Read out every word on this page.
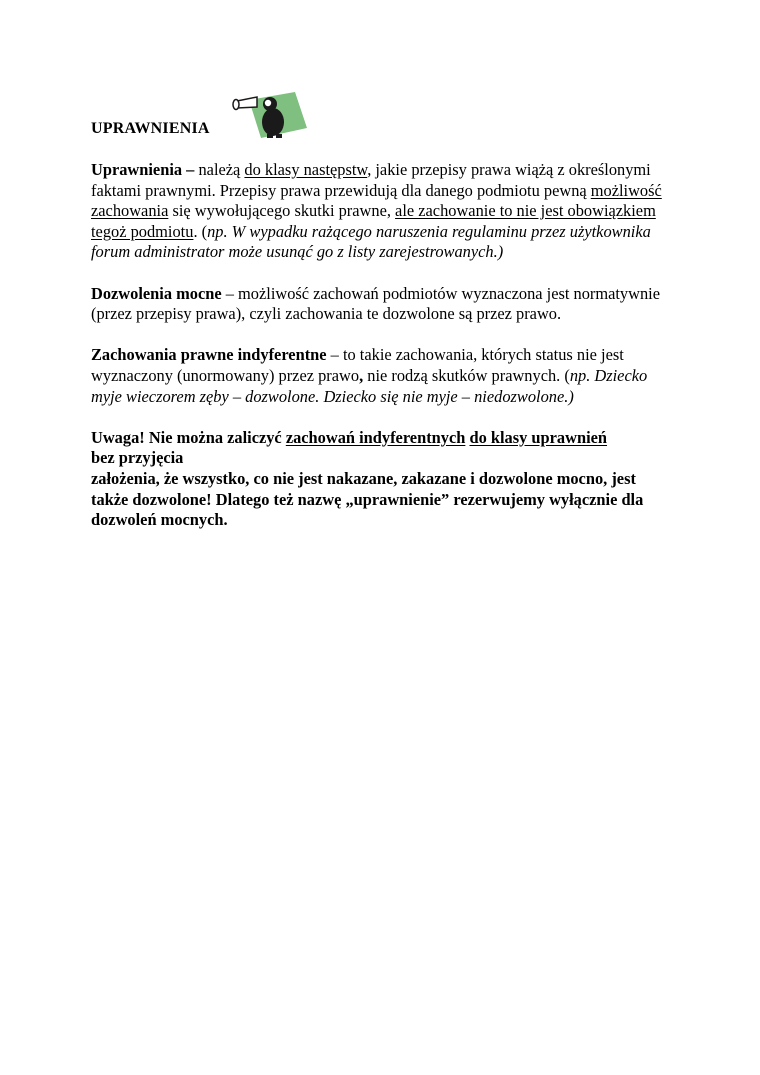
UPRAWNIENIA

Uprawnienia – należą do klasy następstw, jakie przepisy prawa wiążą z określonymi faktami prawnymi. Przepisy prawa przewidują dla danego podmiotu pewną możliwość zachowania się wywołującego skutki prawne, ale zachowanie to nie jest obowiązkiem tegoż podmiotu. (np. W wypadku rażącego naruszenia regulaminu przez użytkownika forum administrator może usunąć go z listy zarejestrowanych.)

Dozwolenia mocne – możliwość zachowań podmiotów wyznaczona jest normatywnie (przez przepisy prawa), czyli zachowania te dozwolone są przez prawo.

Zachowania prawne indyferentne – to takie zachowania, których status nie jest wyznaczony (unormowany) przez prawo, nie rodzą skutków prawnych. (np. Dziecko myje wieczorem zęby – dozwolone. Dziecko się nie myje – niedozwolone.)

Uwaga! Nie można zaliczyć zachowań indyferentnych do klasy uprawnień
bez przyjęcia
założenia, że wszystko, co nie jest nakazane, zakazane i dozwolone mocno, jest także dozwolone! Dlatego też nazwę „uprawnienie” rezerwujemy wyłącznie dla dozwoleń mocnych.
